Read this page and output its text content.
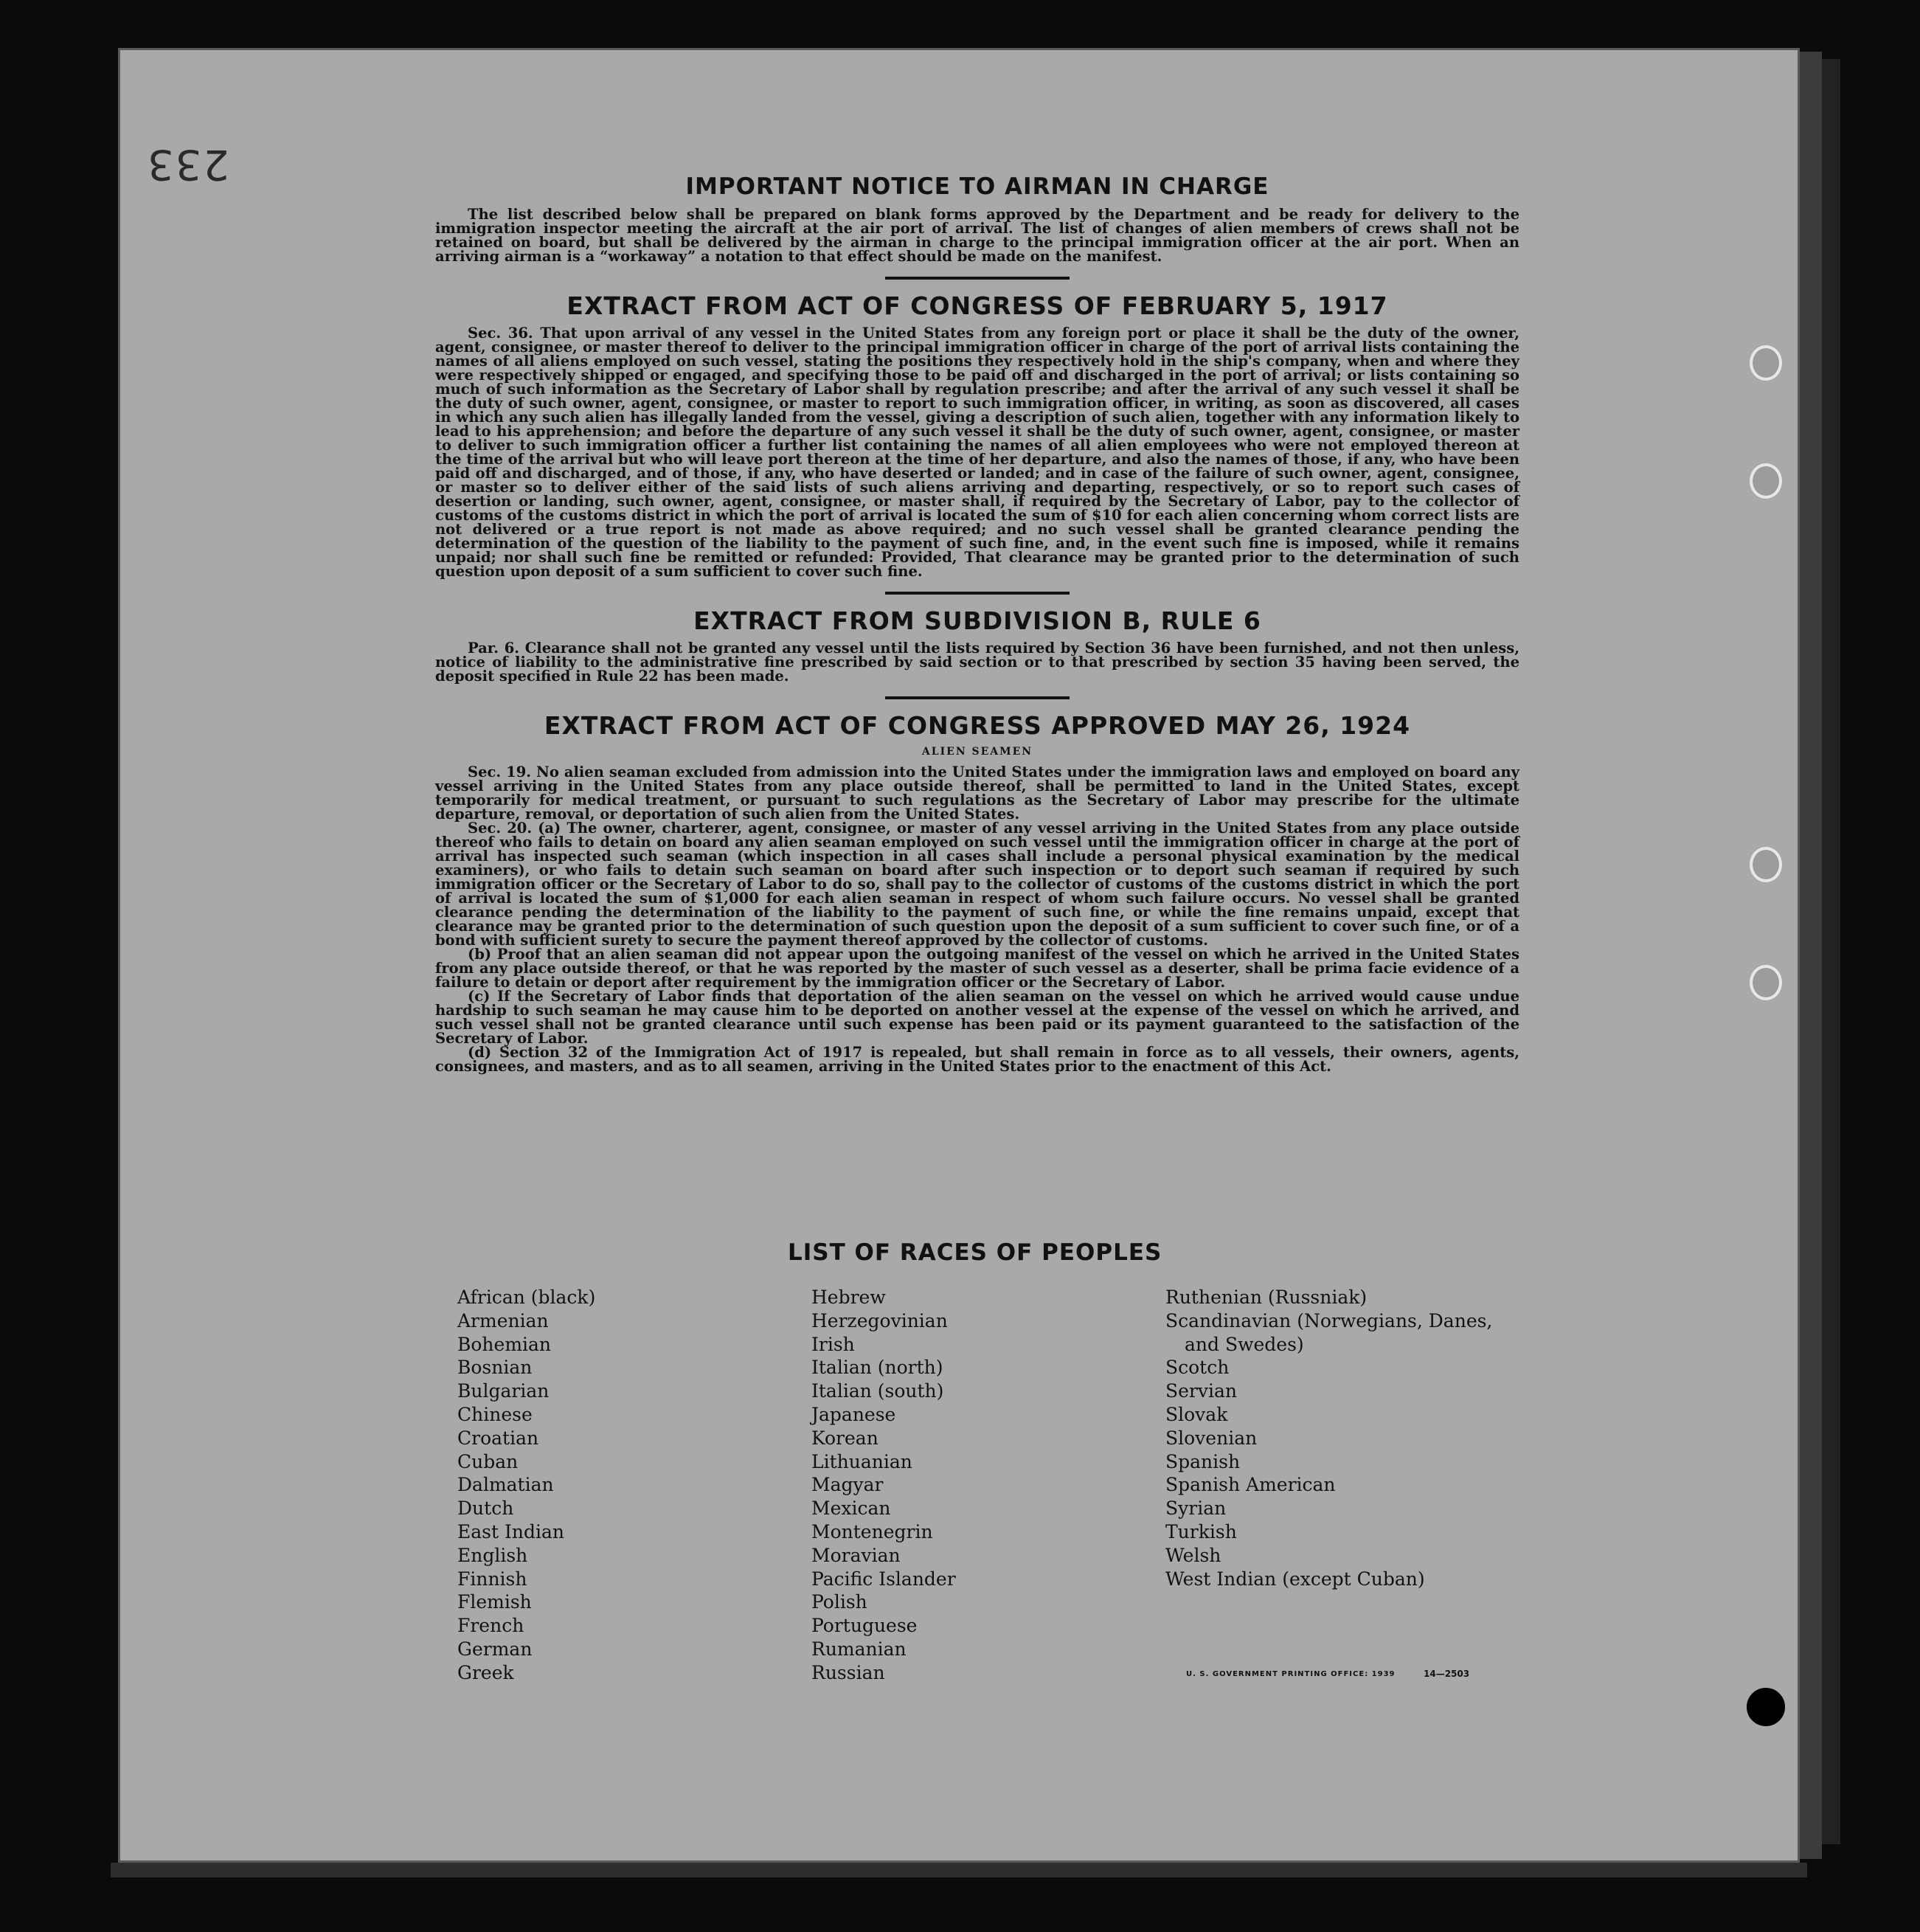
233	IMPORTANT NOTICE TO AIRMAN IN CHARGE

The list described below shall be prepared on blank forms approved by the Department and be ready for delivery to the immigration inspector meeting the aircraft at the air port of arrival. The list of changes of alien members of crews shall not be retained on board, but shall be delivered by the airman in charge to the principal immigration officer at the air port. When an arriving airman is a “workaway” a notation to that effect should be made on the manifest.

EXTRACT FROM ACT OF CONGRESS OF FEBRUARY 5, 1917

Sec. 36. That upon arrival of any vessel in the United States from any foreign port or place it shall be the duty of the owner, agent, consignee, or master thereof to deliver to the principal immigration officer in charge of the port of arrival lists containing the names of all aliens employed on such vessel, stating the positions they respectively hold in the ship's company, when and where they were respectively shipped or engaged, and specifying those to be paid off and discharged in the port of arrival; or lists containing so much of such information as the Secretary of Labor shall by regulation prescribe; and after the arrival of any such vessel it shall be the duty of such owner, agent, consignee, or master to report to such immigration officer, in writing, as soon as discovered, all cases in which any such alien has illegally landed from the vessel, giving a description of such alien, together with any information likely to lead to his apprehension; and before the departure of any such vessel it shall be the duty of such owner, agent, consignee, or master to deliver to such immigration officer a further list containing the names of all alien employees who were not employed thereon at the time of the arrival but who will leave port thereon at the time of her departure, and also the names of those, if any, who have been paid off and discharged, and of those, if any, who have deserted or landed; and in case of the failure of such owner, agent, consignee, or master so to deliver either of the said lists of such aliens arriving and departing, respectively, or so to report such cases of desertion or landing, such owner, agent, consignee, or master shall, if required by the Secretary of Labor, pay to the collector of customs of the customs district in which the port of arrival is located the sum of $10 for each alien concerning whom correct lists are not delivered or a true report is not made as above required; and no such vessel shall be granted clearance pending the determination of the question of the liability to the payment of such fine, and, in the event such fine is imposed, while it remains unpaid; nor shall such fine be remitted or refunded: Provided, That clearance may be granted prior to the determination of such question upon deposit of a sum sufficient to cover such fine.

EXTRACT FROM SUBDIVISION B, RULE 6

Par. 6. Clearance shall not be granted any vessel until the lists required by Section 36 have been furnished, and not then unless, notice of liability to the administrative fine prescribed by said section or to that prescribed by section 35 having been served, the deposit specified in Rule 22 has been made.

EXTRACT FROM ACT OF CONGRESS APPROVED MAY 26, 1924
ALIEN SEAMEN

Sec. 19. No alien seaman excluded from admission into the United States under the immigration laws and employed on board any vessel arriving in the United States from any place outside thereof, shall be permitted to land in the United States, except temporarily for medical treatment, or pursuant to such regulations as the Secretary of Labor may prescribe for the ultimate departure, removal, or deportation of such alien from the United States.

Sec. 20. (a) The owner, charterer, agent, consignee, or master of any vessel arriving in the United States from any place outside thereof who fails to detain on board any alien seaman employed on such vessel until the immigration officer in charge at the port of arrival has inspected such seaman (which inspection in all cases shall include a personal physical examination by the medical examiners), or who fails to detain such seaman on board after such inspection or to deport such seaman if required by such immigration officer or the Secretary of Labor to do so, shall pay to the collector of customs of the customs district in which the port of arrival is located the sum of $1,000 for each alien seaman in respect of whom such failure occurs. No vessel shall be granted clearance pending the determination of the liability to the payment of such fine, or while the fine remains unpaid, except that clearance may be granted prior to the determination of such question upon the deposit of a sum sufficient to cover such fine, or of a bond with sufficient surety to secure the payment thereof approved by the collector of customs.

(b) Proof that an alien seaman did not appear upon the outgoing manifest of the vessel on which he arrived in the United States from any place outside thereof, or that he was reported by the master of such vessel as a deserter, shall be prima facie evidence of a failure to detain or deport after requirement by the immigration officer or the Secretary of Labor.

(c) If the Secretary of Labor finds that deportation of the alien seaman on the vessel on which he arrived would cause undue hardship to such seaman he may cause him to be deported on another vessel at the expense of the vessel on which he arrived, and such vessel shall not be granted clearance until such expense has been paid or its payment guaranteed to the satisfaction of the Secretary of Labor.

(d) Section 32 of the Immigration Act of 1917 is repealed, but shall remain in force as to all vessels, their owners, agents, consignees, and masters, and as to all seamen, arriving in the United States prior to the enactment of this Act.

LIST OF RACES OF PEOPLES
African (black)
Armenian
Bohemian
Bosnian
Bulgarian
Chinese
Croatian
Cuban
Dalmatian
Dutch
East Indian
English
Finnish
Flemish
French
German
Greek
Hebrew
Herzegovinian
Irish
Italian (north)
Italian (south)
Japanese
Korean
Lithuanian
Magyar
Mexican
Montenegrin
Moravian
Pacific Islander
Polish
Portuguese
Rumanian
Russian
Ruthenian (Russniak)
Scandinavian (Norwegians, Danes,
and Swedes)
Scotch
Servian
Slovak
Slovenian
Spanish
Spanish American
Syrian
Turkish
Welsh
West Indian (except Cuban)
U. S. GOVERNMENT PRINTING OFFICE: 1939	14—2503
